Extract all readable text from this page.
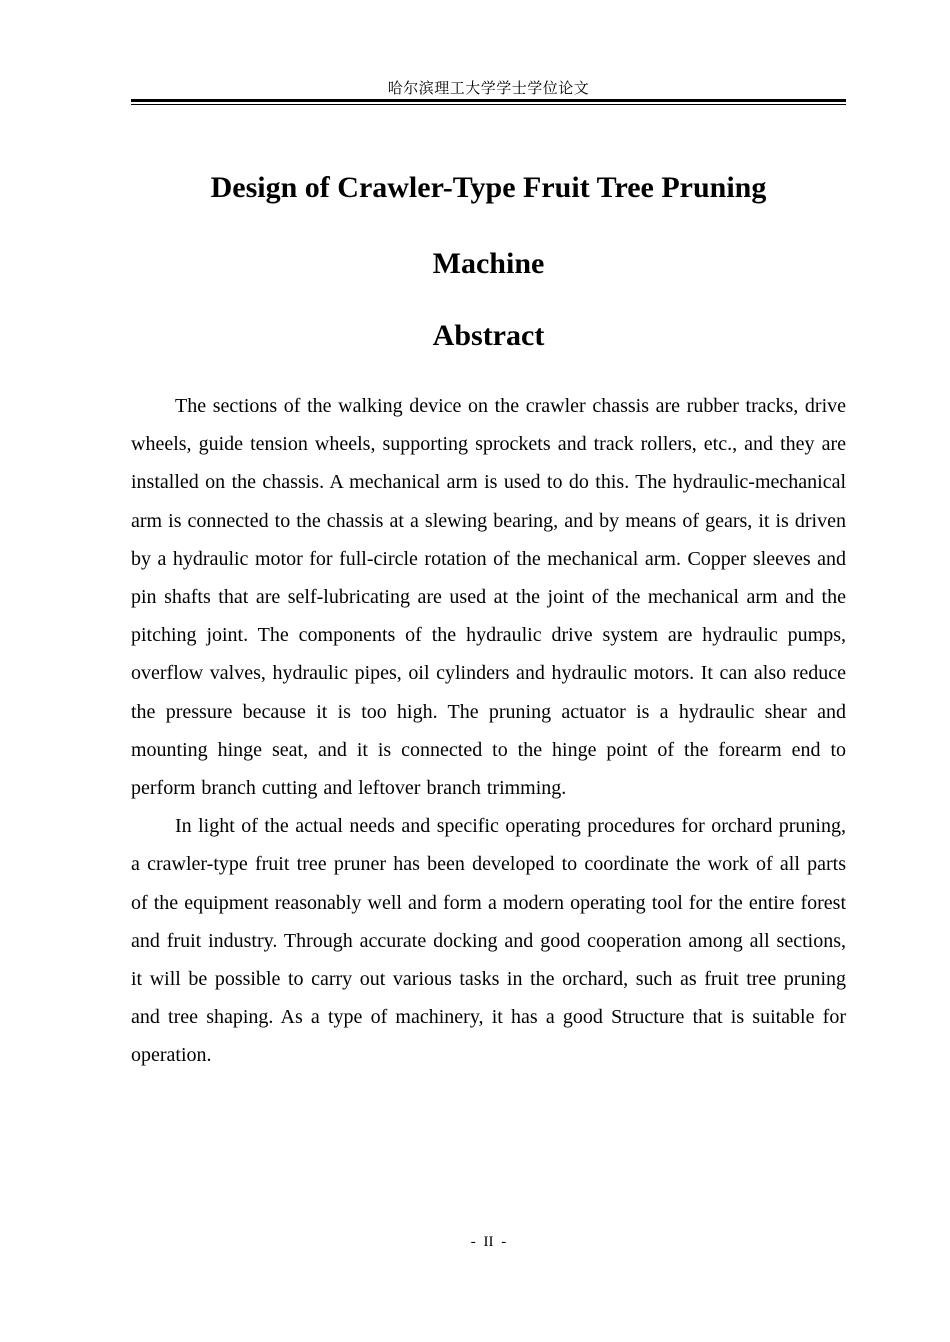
哈尔滨理工大学学士学位论文
Design of Crawler-Type Fruit Tree Pruning
Machine
Abstract

The sections of the walking device on the crawler chassis are rubber tracks, drive wheels, guide tension wheels, supporting sprockets and track rollers, etc., and they are installed on the chassis. A mechanical arm is used to do this. The hydraulic-mechanical arm is connected to the chassis at a slewing bearing, and by means of gears, it is driven by a hydraulic motor for full-circle rotation of the mechanical arm. Copper sleeves and pin shafts that are self-lubricating are used at the joint of the mechanical arm and the pitching joint. The components of the hydraulic drive system are hydraulic pumps, overflow valves, hydraulic pipes, oil cylinders and hydraulic motors. It can also reduce the pressure because it is too high. The pruning actuator is a hydraulic shear and mounting hinge seat, and it is connected to the hinge point of the forearm end to perform branch cutting and leftover branch trimming.

In light of the actual needs and specific operating procedures for orchard pruning, a crawler-type fruit tree pruner has been developed to coordinate the work of all parts of the equipment reasonably well and form a modern operating tool for the entire forest and fruit industry. Through accurate docking and good cooperation among all sections, it will be possible to carry out various tasks in the orchard, such as fruit tree pruning and tree shaping. As a type of machinery, it has a good Structure that is suitable for operation.

- II -
